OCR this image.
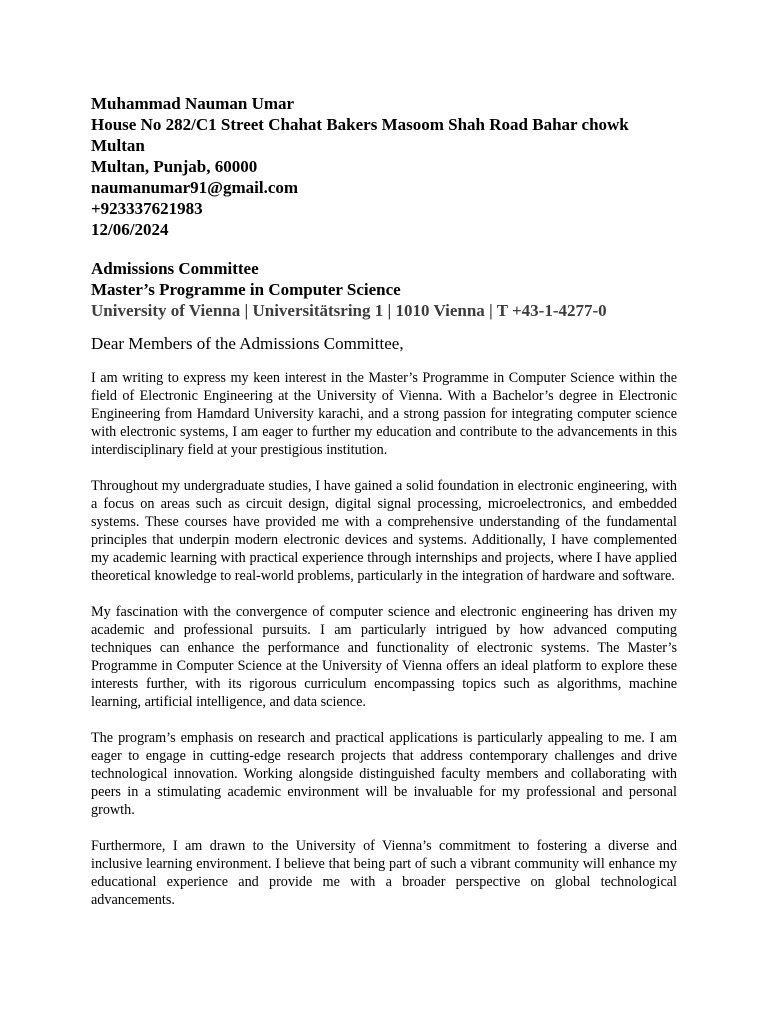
Muhammad Nauman Umar
House No 282/C1 Street Chahat Bakers Masoom Shah Road Bahar chowk Multan
Multan, Punjab, 60000
naumanumar91@gmail.com
+923337621983
12/06/2024
Admissions Committee
Master’s Programme in Computer Science
University of Vienna | Universitätsring 1 | 1010 Vienna | T +43-1-4277-0
Dear Members of the Admissions Committee,

I am writing to express my keen interest in the Master’s Programme in Computer Science within the field of Electronic Engineering at the University of Vienna. With a Bachelor’s degree in Electronic Engineering from Hamdard University karachi, and a strong passion for integrating computer science with electronic systems, I am eager to further my education and contribute to the advancements in this interdisciplinary field at your prestigious institution.

Throughout my undergraduate studies, I have gained a solid foundation in electronic engineering, with a focus on areas such as circuit design, digital signal processing, microelectronics, and embedded systems. These courses have provided me with a comprehensive understanding of the fundamental principles that underpin modern electronic devices and systems. Additionally, I have complemented my academic learning with practical experience through internships and projects, where I have applied theoretical knowledge to real-world problems, particularly in the integration of hardware and software.

My fascination with the convergence of computer science and electronic engineering has driven my academic and professional pursuits. I am particularly intrigued by how advanced computing techniques can enhance the performance and functionality of electronic systems. The Master’s Programme in Computer Science at the University of Vienna offers an ideal platform to explore these interests further, with its rigorous curriculum encompassing topics such as algorithms, machine learning, artificial intelligence, and data science.

The program’s emphasis on research and practical applications is particularly appealing to me. I am eager to engage in cutting-edge research projects that address contemporary challenges and drive technological innovation. Working alongside distinguished faculty members and collaborating with peers in a stimulating academic environment will be invaluable for my professional and personal growth.

Furthermore, I am drawn to the University of Vienna’s commitment to fostering a diverse and inclusive learning environment. I believe that being part of such a vibrant community will enhance my educational experience and provide me with a broader perspective on global technological advancements.
